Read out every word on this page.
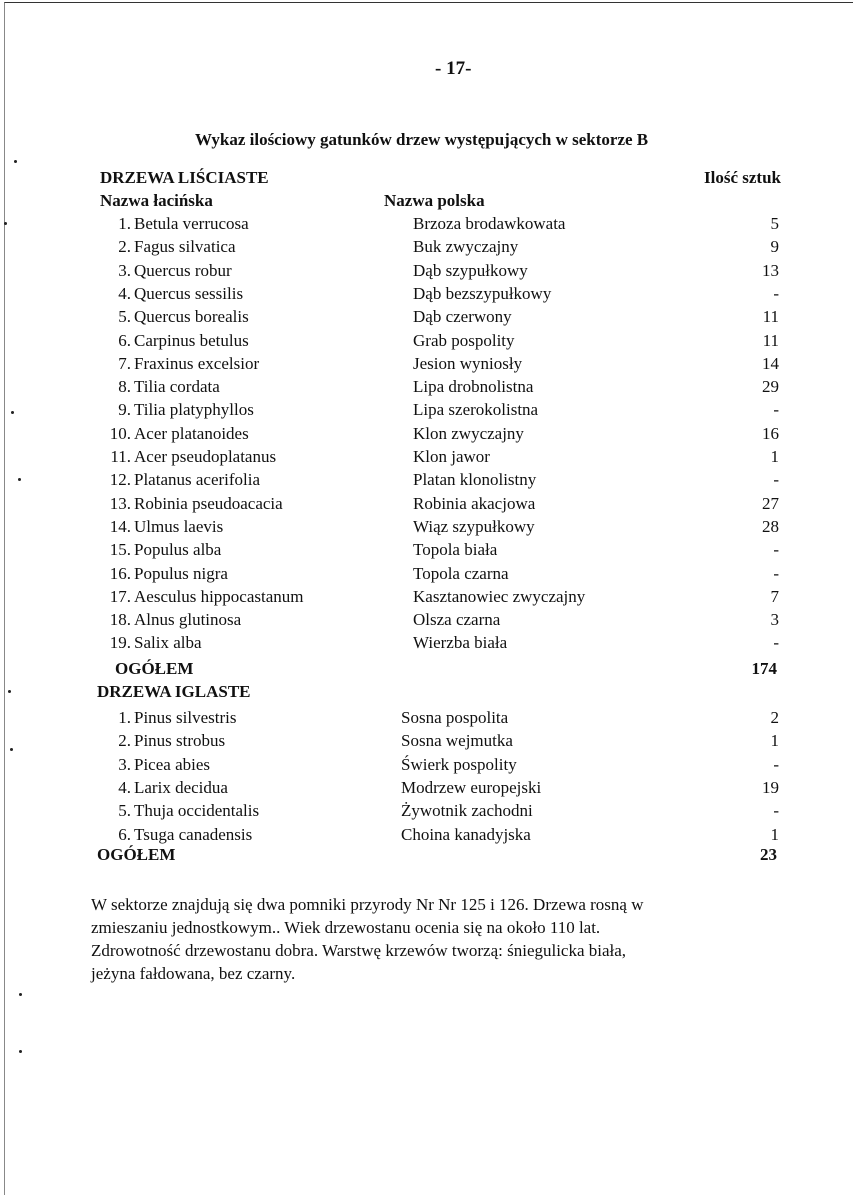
- 17-
Wykaz ilościowy gatunków drzew występujących w sektorze B
DRZEWA LIŚCIASTE	Ilość sztuk
Nazwa łacińska	Nazwa polska
1. Betula verrucosa	Brzoza brodawkowata	5
2. Fagus silvatica	Buk zwyczajny	9
3. Quercus robur	Dąb szypułkowy	13
4. Quercus sessilis	Dąb bezszypułkowy	-
5. Quercus borealis	Dąb czerwony	11
6. Carpinus betulus	Grab pospolity	11
7. Fraxinus excelsior	Jesion wyniosły	14
8. Tilia cordata	Lipa drobnolistna	29
9. Tilia platyphyllos	Lipa szerokolistna	-
10. Acer platanoides	Klon zwyczajny	16
11. Acer pseudoplatanus	Klon jawor	1
12. Platanus acerifolia	Platan klonolistny	-
13. Robinia pseudoacacia	Robinia akacjowa	27
14. Ulmus laevis	Wiąz szypułkowy	28
15. Populus alba	Topola biała	-
16. Populus nigra	Topola czarna	-
17. Aesculus hippocastanum	Kasztanowiec zwyczajny	7
18. Alnus glutinosa	Olsza czarna	3
19. Salix alba	Wierzba biała	-
OGÓŁEM	174
DRZEWA IGLASTE
1. Pinus silvestris	Sosna pospolita	2
2. Pinus strobus	Sosna wejmutka	1
3. Picea abies	Świerk pospolity	-
4. Larix decidua	Modrzew europejski	19
5. Thuja occidentalis	Żywotnik zachodni	-
6. Tsuga canadensis	Choina kanadyjska	1
OGÓŁEM	23
W sektorze znajdują się dwa pomniki przyrody Nr Nr 125 i 126. Drzewa rosną w
zmieszaniu jednostkowym.. Wiek drzewostanu ocenia się na około 110 lat.
Zdrowotność drzewostanu dobra. Warstwę krzewów tworzą: śniegulicka biała,
jeżyna fałdowana, bez czarny.
